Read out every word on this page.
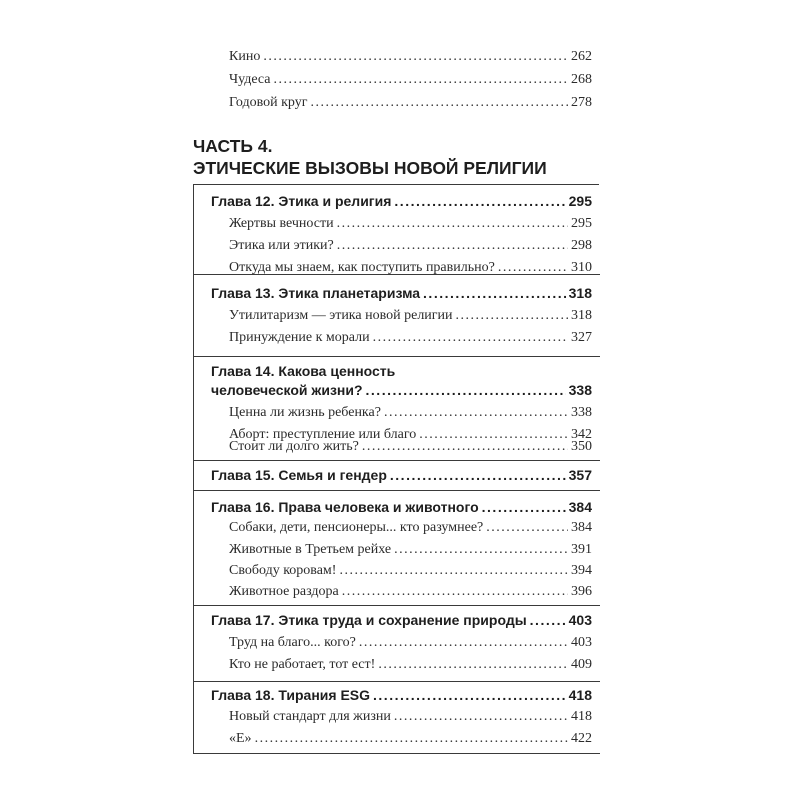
Кино .....	262
Чудеса .....	268
Годовой круг .....	278
ЧАСТЬ 4.
ЭТИЧЕСКИЕ ВЫЗОВЫ НОВОЙ РЕЛИГИИ
Глава 12. Этика и религия .....	295
Жертвы вечности .....	295
Этика или этики? .....	298
Откуда мы знаем, как поступить правильно? .....	310
Глава 13. Этика планетаризма .....	318
Утилитаризм — этика новой религии .....	318
Принуждение к морали .....	327
Глава 14. Какова ценность
человеческой жизни? .....	338
Ценна ли жизнь ребенка? .....	338
Аборт: преступление или благо .....	342
Стоит ли долго жить? .....	350
Глава 15. Семья и гендер .....	357
Глава 16. Права человека и животного .....	384
Собаки, дети, пенсионеры... кто разумнее? .....	384
Животные в Третьем рейхе .....	391
Свободу коровам! .....	394
Животное раздора .....	396
Глава 17. Этика труда и сохранение природы .....	403
Труд на благо... кого? .....	403
Кто не работает, тот ест! .....	409
Глава 18. Тирания ESG .....	418
Новый стандарт для жизни .....	418
«Е» .....	422
